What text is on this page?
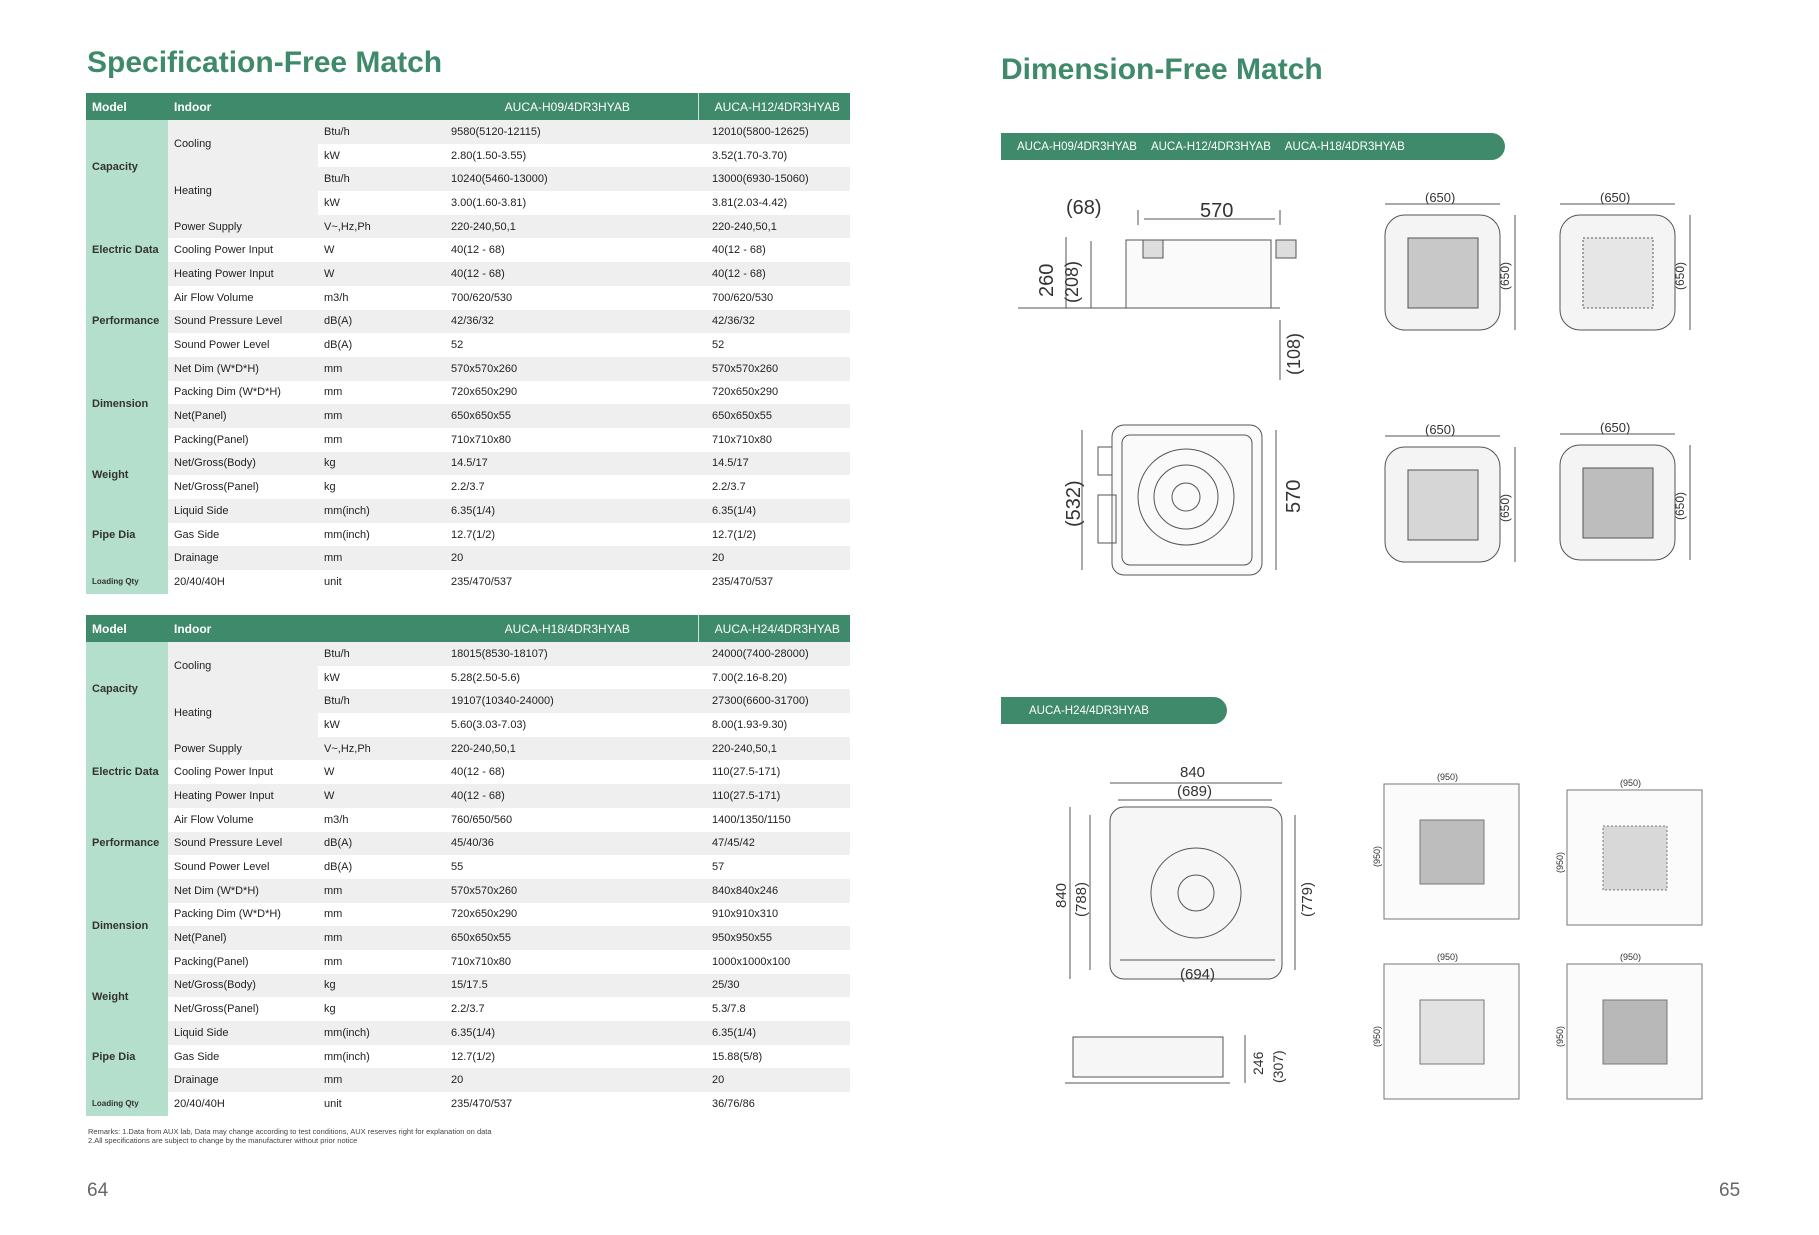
Specification-Free Match
Model	Indoor		AUCA-H09/4DR3HYAB	AUCA-H12/4DR3HYAB
Capacity	Cooling	Btu/h	9580(5120-12115)	12010(5800-12625)
		kW	2.80(1.50-3.55)	3.52(1.70-3.70)
	Heating	Btu/h	10240(5460-13000)	13000(6930-15060)
		kW	3.00(1.60-3.81)	3.81(2.03-4.42)
Electric Data	Power Supply	V~,Hz,Ph	220-240,50,1	220-240,50,1
	Cooling Power Input	W	40(12 - 68)	40(12 - 68)
	Heating Power Input	W	40(12 - 68)	40(12 - 68)
Performance	Air Flow Volume	m3/h	700/620/530	700/620/530
	Sound Pressure Level	dB(A)	42/36/32	42/36/32
	Sound Power Level	dB(A)	52	52
Dimension	Net Dim (W*D*H)	mm	570x570x260	570x570x260
	Packing Dim (W*D*H)	mm	720x650x290	720x650x290
	Net(Panel)	mm	650x650x55	650x650x55
	Packing(Panel)	mm	710x710x80	710x710x80
Weight	Net/Gross(Body)	kg	14.5/17	14.5/17
	Net/Gross(Panel)	kg	2.2/3.7	2.2/3.7
Pipe Dia	Liquid Side	mm(inch)	6.35(1/4)	6.35(1/4)
	Gas Side	mm(inch)	12.7(1/2)	12.7(1/2)
	Drainage	mm	20	20
Loading Qty	20/40/40H	unit	235/470/537	235/470/537
Model	Indoor		AUCA-H18/4DR3HYAB	AUCA-H24/4DR3HYAB
Capacity	Cooling	Btu/h	18015(8530-18107)	24000(7400-28000)
		kW	5.28(2.50-5.6)	7.00(2.16-8.20)
	Heating	Btu/h	19107(10340-24000)	27300(6600-31700)
		kW	5.60(3.03-7.03)	8.00(1.93-9.30)
Electric Data	Power Supply	V~,Hz,Ph	220-240,50,1	220-240,50,1
	Cooling Power Input	W	40(12 - 68)	110(27.5-171)
	Heating Power Input	W	40(12 - 68)	110(27.5-171)
Performance	Air Flow Volume	m3/h	760/650/560	1400/1350/1150
	Sound Pressure Level	dB(A)	45/40/36	47/45/42
	Sound Power Level	dB(A)	55	57
Dimension	Net Dim (W*D*H)	mm	570x570x260	840x840x246
	Packing Dim (W*D*H)	mm	720x650x290	910x910x310
	Net(Panel)	mm	650x650x55	950x950x55
	Packing(Panel)	mm	710x710x80	1000x1000x100
Weight	Net/Gross(Body)	kg	15/17.5	25/30
	Net/Gross(Panel)	kg	2.2/3.7	5.3/7.8
Pipe Dia	Liquid Side	mm(inch)	6.35(1/4)	6.35(1/4)
	Gas Side	mm(inch)	12.7(1/2)	15.88(5/8)
	Drainage	mm	20	20
Loading Qty	20/40/40H	unit	235/470/537	36/76/86
Remarks: 1.Data from AUX lab, Data may change according to test conditions, AUX reserves right for explanation on data
2.All specifications are subject to change by the manufacturer without prior notice
64
Dimension-Free Match
AUCA-H09/4DR3HYAB AUCA-H12/4DR3HYAB AUCA-H18/4DR3HYAB
AUCA-H24/4DR3HYAB
(68)	570
260 (208)
(108)
570
(532)
(650)
(650)
(650)
(650)
(650)
(650)
(650)
(650)
840
(689)
840 (788)	(779)
(694)
246 (307)
(950)
(950)
(950)
(950)
(950)
(950)
(950)
(950)
65
